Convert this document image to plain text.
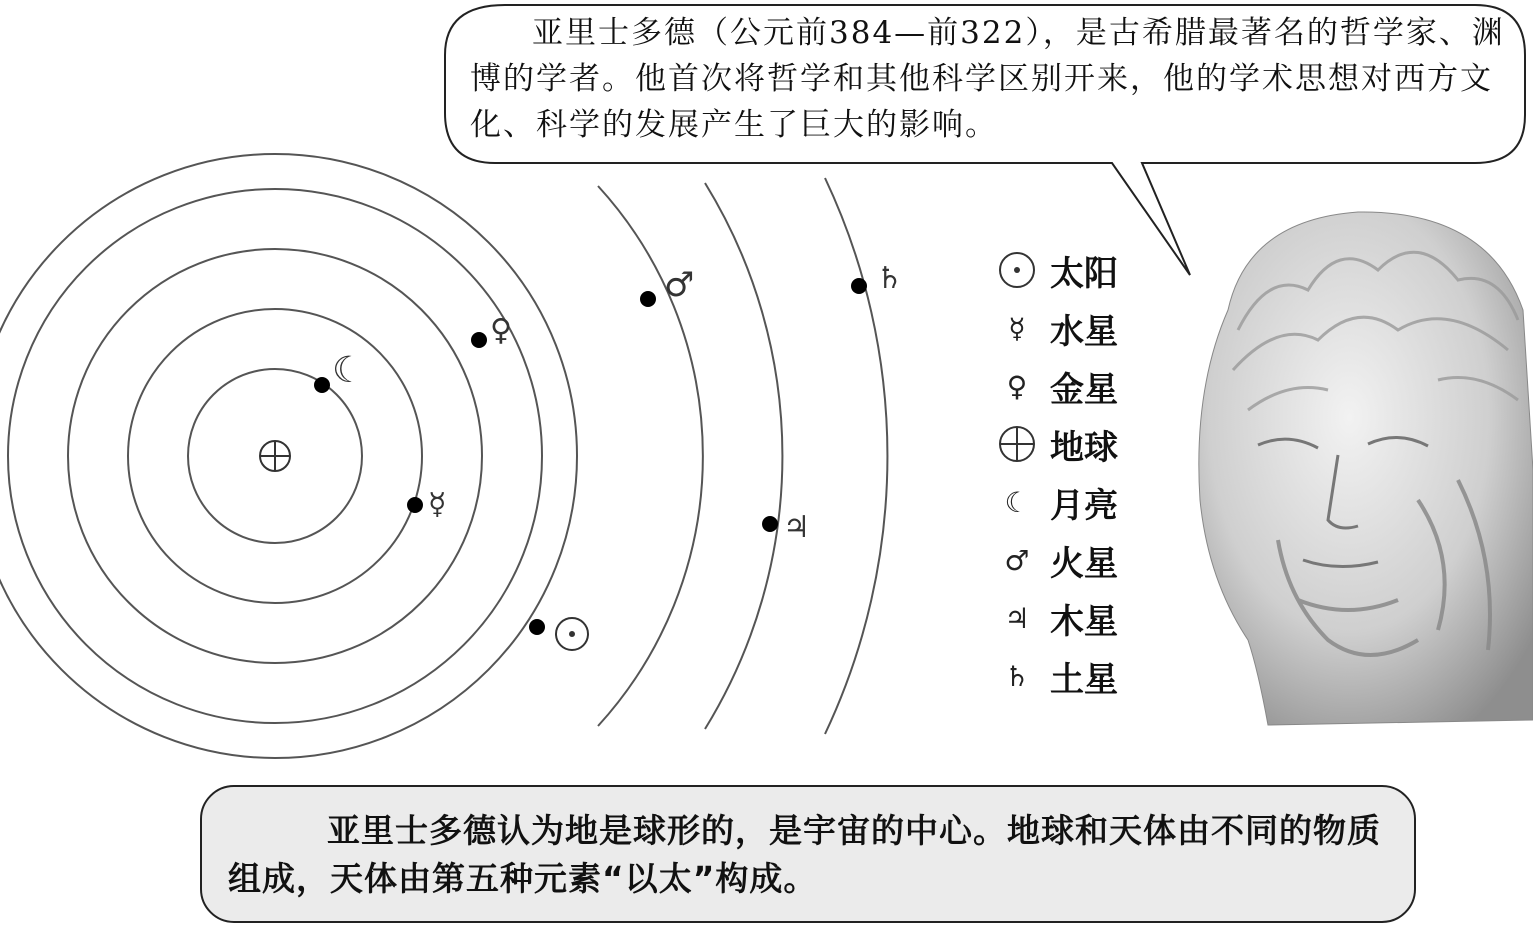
☾
☿
♀
♂
♃
♄

亚里士多德（公元前384—前322），是古希腊最著名的哲学家、渊博的学者。他首次将哲学和其他科学区别开来，他的学术思想对西方文化、科学的发展产生了巨大的影响。

太阳
☿ 水星
♀ 金星
地球
☾ 月亮
♂ 火星
♃ 木星
♄ 土星

亚里士多德认为地是球形的，是宇宙的中心。地球和天体由不同的物质组成，天体由第五种元素“以太”构成。
